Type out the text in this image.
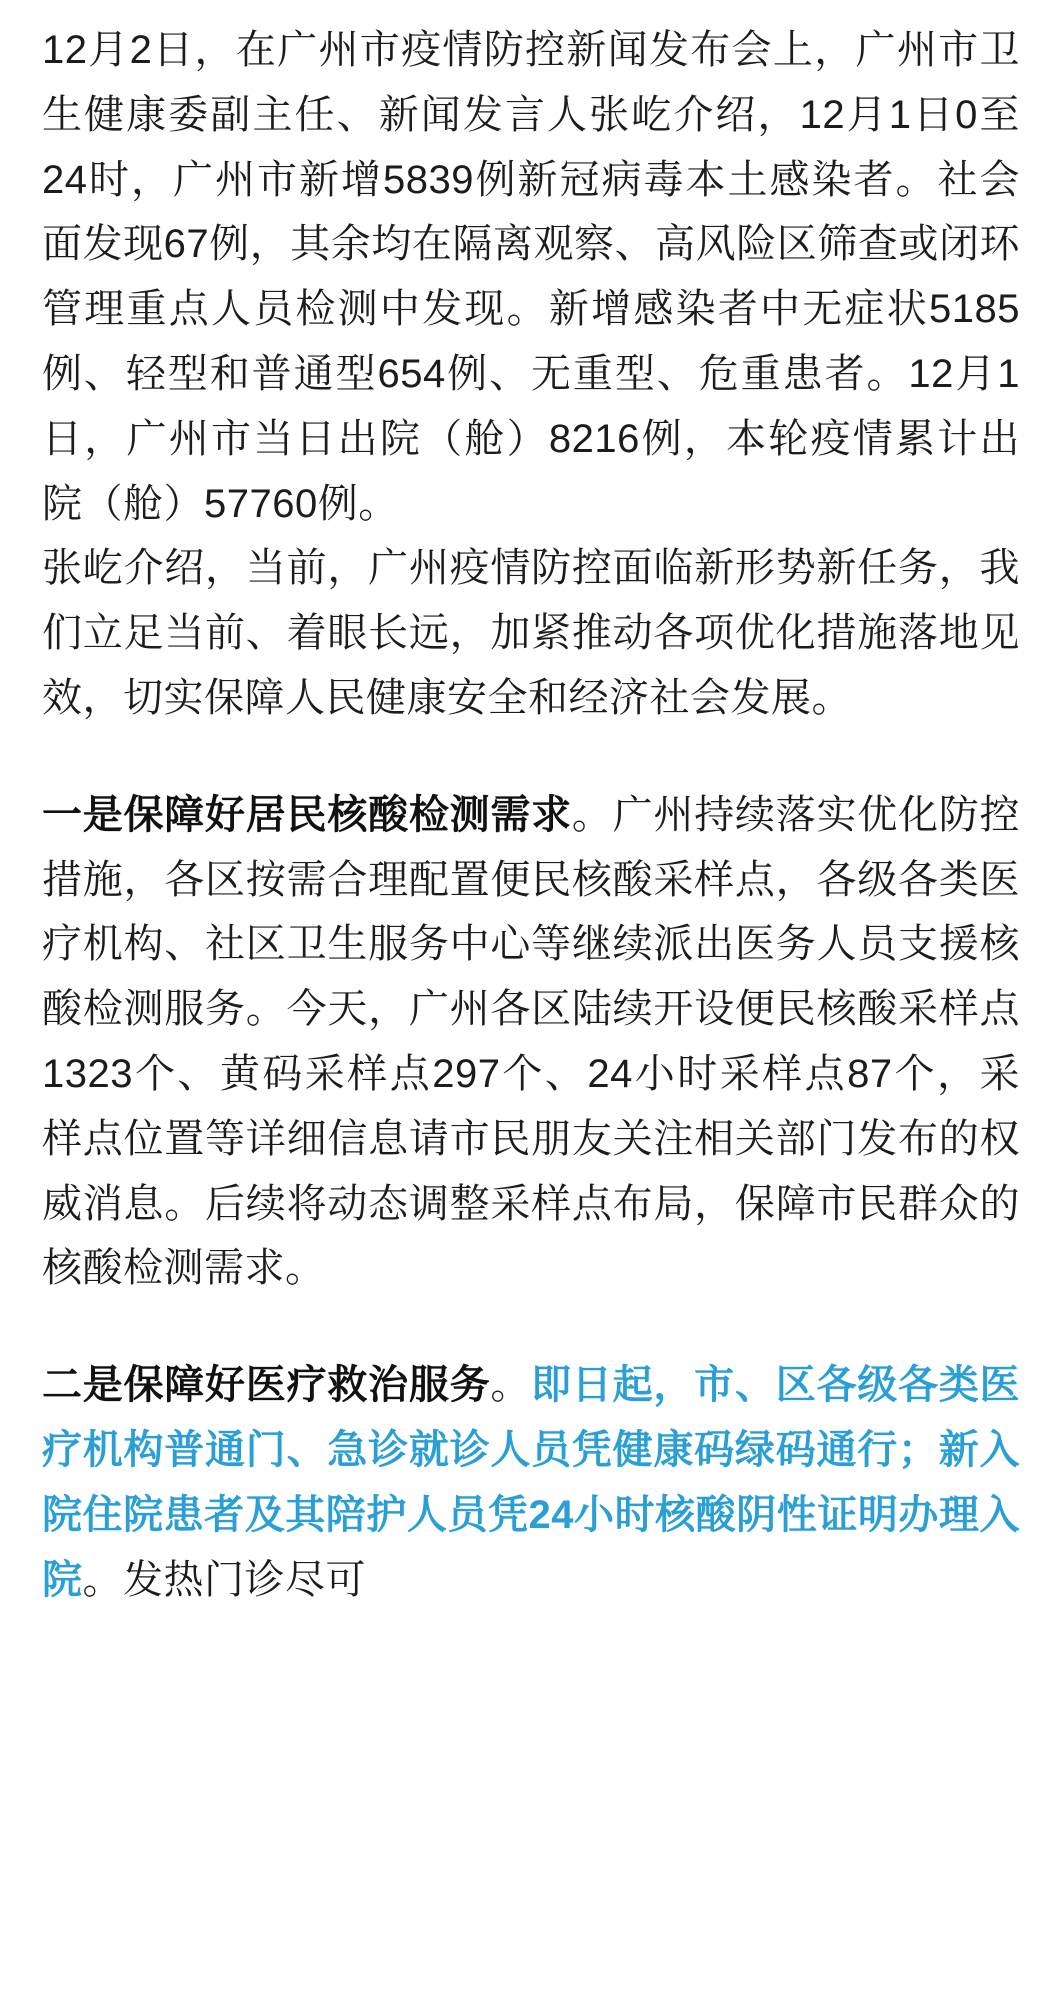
12月2日，在广州市疫情防控新闻发布会上，广州市卫生健康委副主任、新闻发言人张屹介绍，12月1日0至24时，广州市新增5839例新冠病毒本土感染者。社会面发现67例，其余均在隔离观察、高风险区筛查或闭环管理重点人员检测中发现。新增感染者中无症状5185例、轻型和普通型654例、无重型、危重患者。12月1日，广州市当日出院（舱）8216例，本轮疫情累计出院（舱）57760例。

张屹介绍，当前，广州疫情防控面临新形势新任务，我们立足当前、着眼长远，加紧推动各项优化措施落地见效，切实保障人民健康安全和经济社会发展。

一是保障好居民核酸检测需求。广州持续落实优化防控措施，各区按需合理配置便民核酸采样点，各级各类医疗机构、社区卫生服务中心等继续派出医务人员支援核酸检测服务。今天，广州各区陆续开设便民核酸采样点1323个、黄码采样点297个、24小时采样点87个，采样点位置等详细信息请市民朋友关注相关部门发布的权威消息。后续将动态调整采样点布局，保障市民群众的核酸检测需求。

二是保障好医疗救治服务。即日起，市、区各级各类医疗机构普通门、急诊就诊人员凭健康码绿码通行；新入院住院患者及其陪护人员凭24小时核酸阴性证明办理入院。发热门诊尽可
